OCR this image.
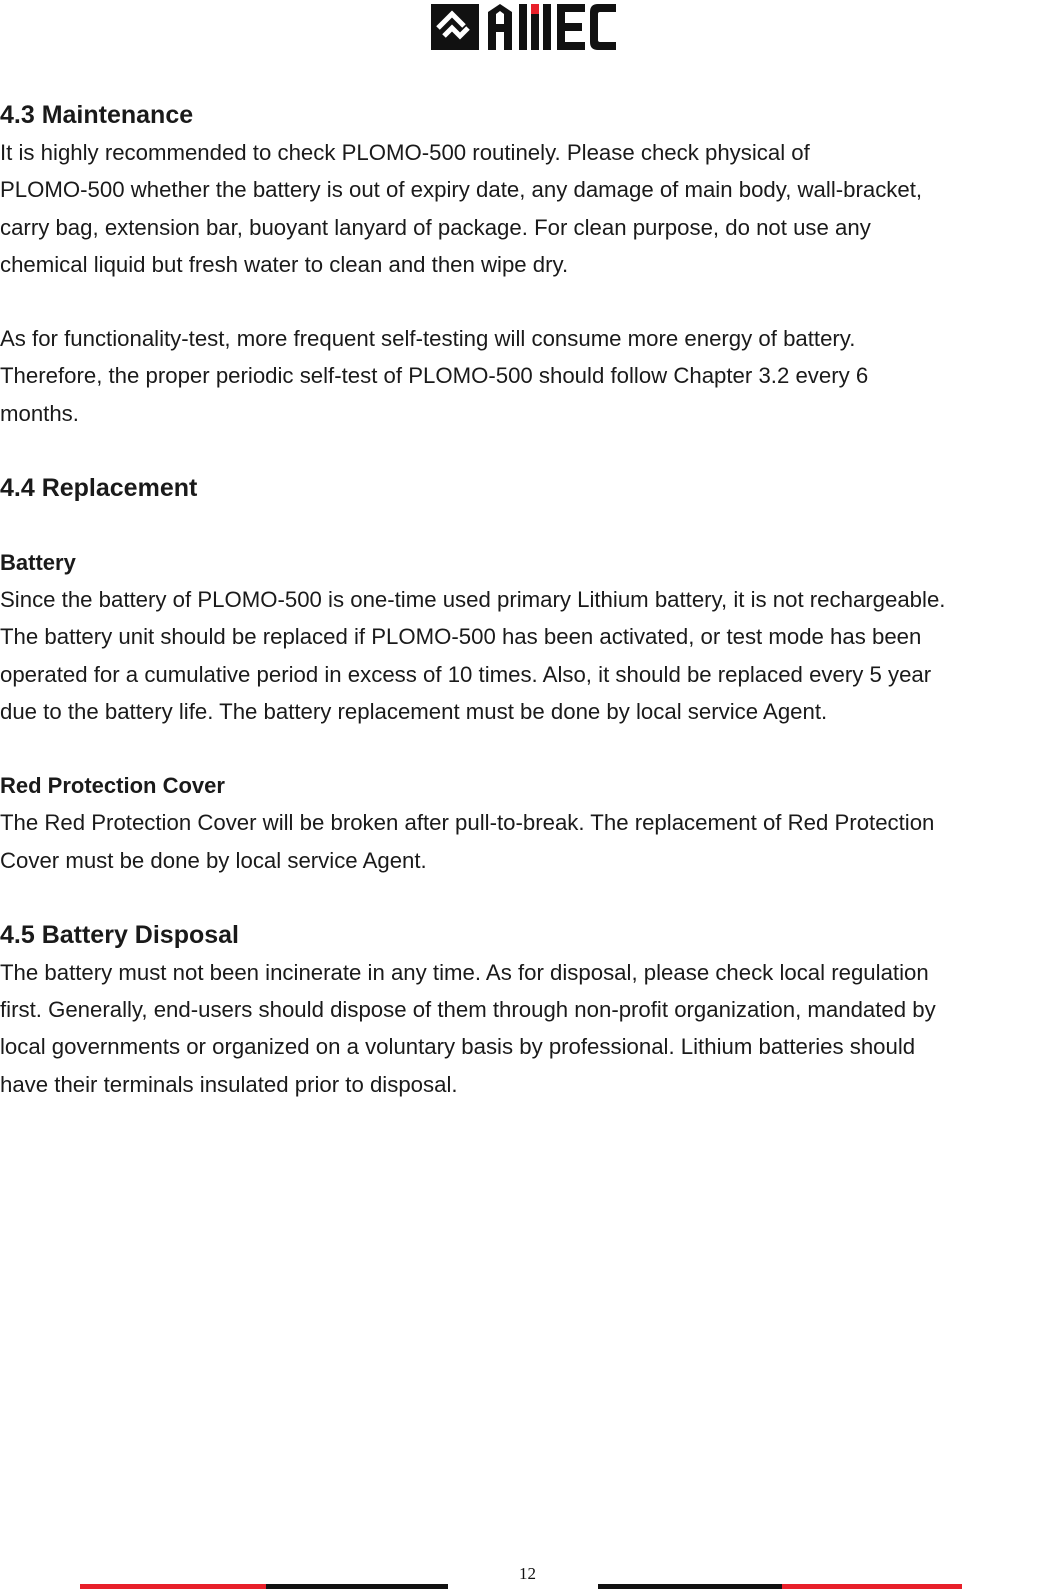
4.3 Maintenance

It is highly recommended to check PLOMO-500 routinely. Please check physical of

PLOMO-500 whether the battery is out of expiry date, any damage of main body, wall-bracket,

carry bag, extension bar, buoyant lanyard of package. For clean purpose, do not use any

chemical liquid but fresh water to clean and then wipe dry.

As for functionality-test, more frequent self-testing will consume more energy of battery.

Therefore, the proper periodic self-test of PLOMO-500 should follow Chapter 3.2 every 6

months.

4.4 Replacement

Battery

Since the battery of PLOMO-500 is one-time used primary Lithium battery, it is not rechargeable.

The battery unit should be replaced if PLOMO-500 has been activated, or test mode has been

operated for a cumulative period in excess of 10 times. Also, it should be replaced every 5 year

due to the battery life. The battery replacement must be done by local service Agent.

Red Protection Cover

The Red Protection Cover will be broken after pull-to-break. The replacement of Red Protection

Cover must be done by local service Agent.

4.5 Battery Disposal

The battery must not been incinerate in any time. As for disposal, please check local regulation

first. Generally, end-users should dispose of them through non-profit organization, mandated by

local governments or organized on a voluntary basis by professional. Lithium batteries should

have their terminals insulated prior to disposal.

12
